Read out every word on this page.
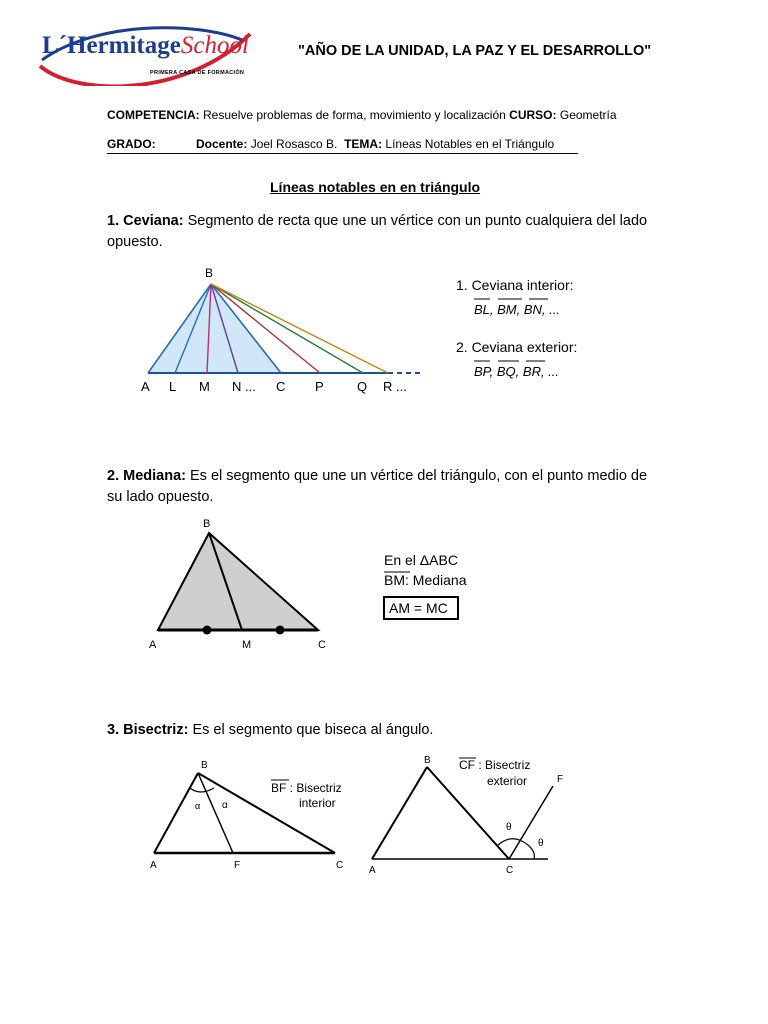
L´HermitageSchool
PRIMERA CASA DE FORMACIÓN
"AÑO DE LA UNIDAD, LA PAZ Y EL DESARROLLO"
COMPETENCIA: Resuelve problemas de forma, movimiento y localización CURSO: Geometría
GRADO:	Docente: Joel Rosasco B. TEMA: Líneas Notables en el Triángulo
Líneas notables en en triángulo
1. Ceviana: Segmento de recta que une un vértice con un punto cualquiera del lado opuesto.
B
A L M N ... C P	Q R ...
1. Ceviana interior:
BL, BM, BN, ...
2. Ceviana exterior:
BP, BQ, BR, ...
2. Mediana: Es el segmento que une un vértice del triángulo, con el punto medio de su lado opuesto.
B
A	C
M
En el ΔABC
BM: Mediana
AM = MC
3. Bisectriz: Es el segmento que biseca al ángulo.
α α
B
A	F	C
BF : Bisectriz
interior
θ
θ
B
A	C
F
CF : Bisectriz
exterior
